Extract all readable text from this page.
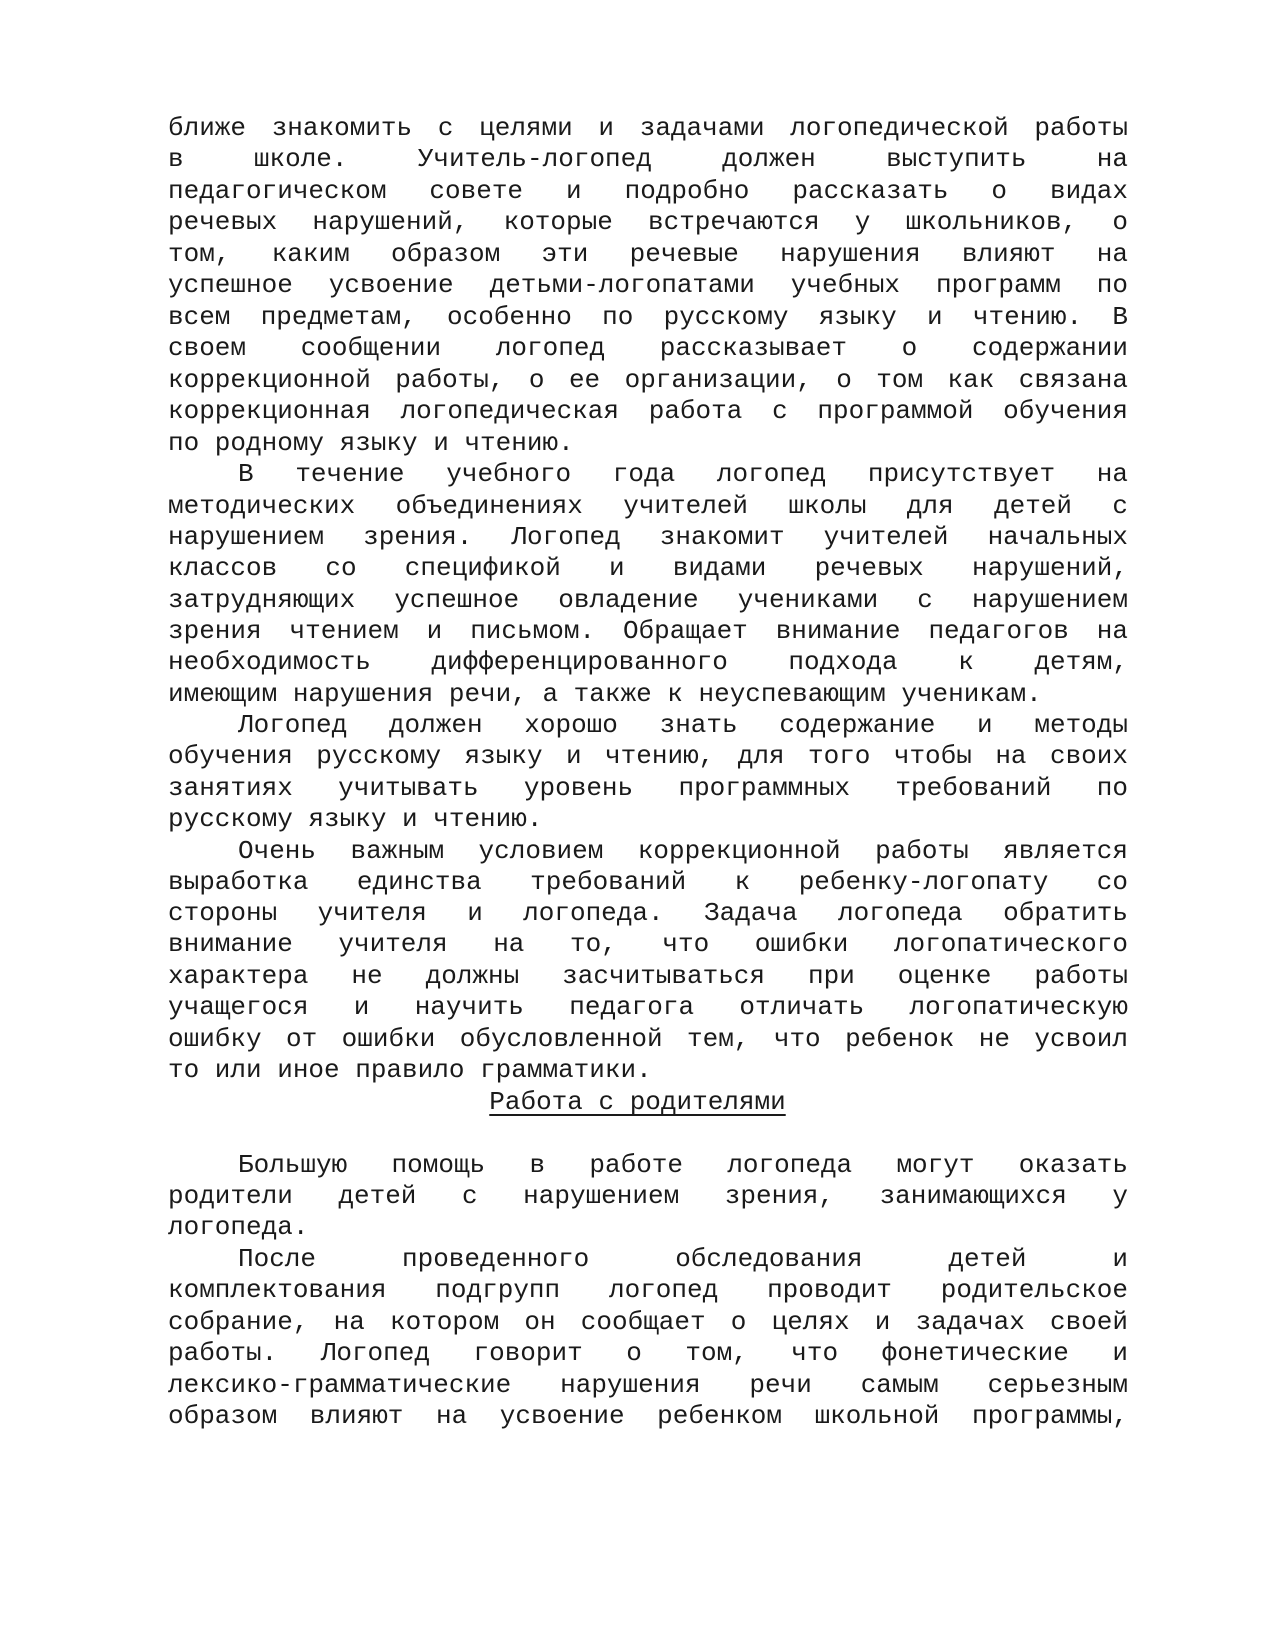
ближе знакомить с целями и задачами логопедической работы
в школе. Учитель-логопед должен выступить на
педагогическом совете и подробно рассказать о видах
речевых нарушений, которые встречаются у школьников, о
том, каким образом эти речевые нарушения влияют на
успешное усвоение детьми-логопатами учебных программ по
всем предметам, особенно по русскому языку и чтению. В
своем сообщении логопед рассказывает о содержании
коррекционной работы, о ее организации, о том как связана
коррекционная логопедическая работа с программой обучения
по родному языку и чтению.
В течение учебного года логопед присутствует на
методических объединениях учителей школы для детей с
нарушением зрения. Логопед знакомит учителей начальных
классов со спецификой и видами речевых нарушений,
затрудняющих успешное овладение учениками с нарушением
зрения чтением и письмом. Обращает внимание педагогов на
необходимость дифференцированного подхода к детям,
имеющим нарушения речи, а также к неуспевающим ученикам.
Логопед должен хорошо знать содержание и методы
обучения русскому языку и чтению, для того чтобы на своих
занятиях учитывать уровень программных требований по
русскому языку и чтению.
Очень важным условием коррекционной работы является
выработка единства требований к ребенку-логопату со
стороны учителя и логопеда. Задача логопеда обратить
внимание учителя на то, что ошибки логопатического
характера не должны засчитываться при оценке работы
учащегося и научить педагога отличать логопатическую
ошибку от ошибки обусловленной тем, что ребенок не усвоил
то или иное правило грамматики.
Работа с родителями
Большую помощь в работе логопеда могут оказать
родители детей с нарушением зрения, занимающихся у
логопеда.
После проведенного обследования детей и
комплектования подгрупп логопед проводит родительское
собрание, на котором он сообщает о целях и задачах своей
работы. Логопед говорит о том, что фонетические и
лексико-грамматические нарушения речи самым серьезным
образом влияют на усвоение ребенком школьной программы,
